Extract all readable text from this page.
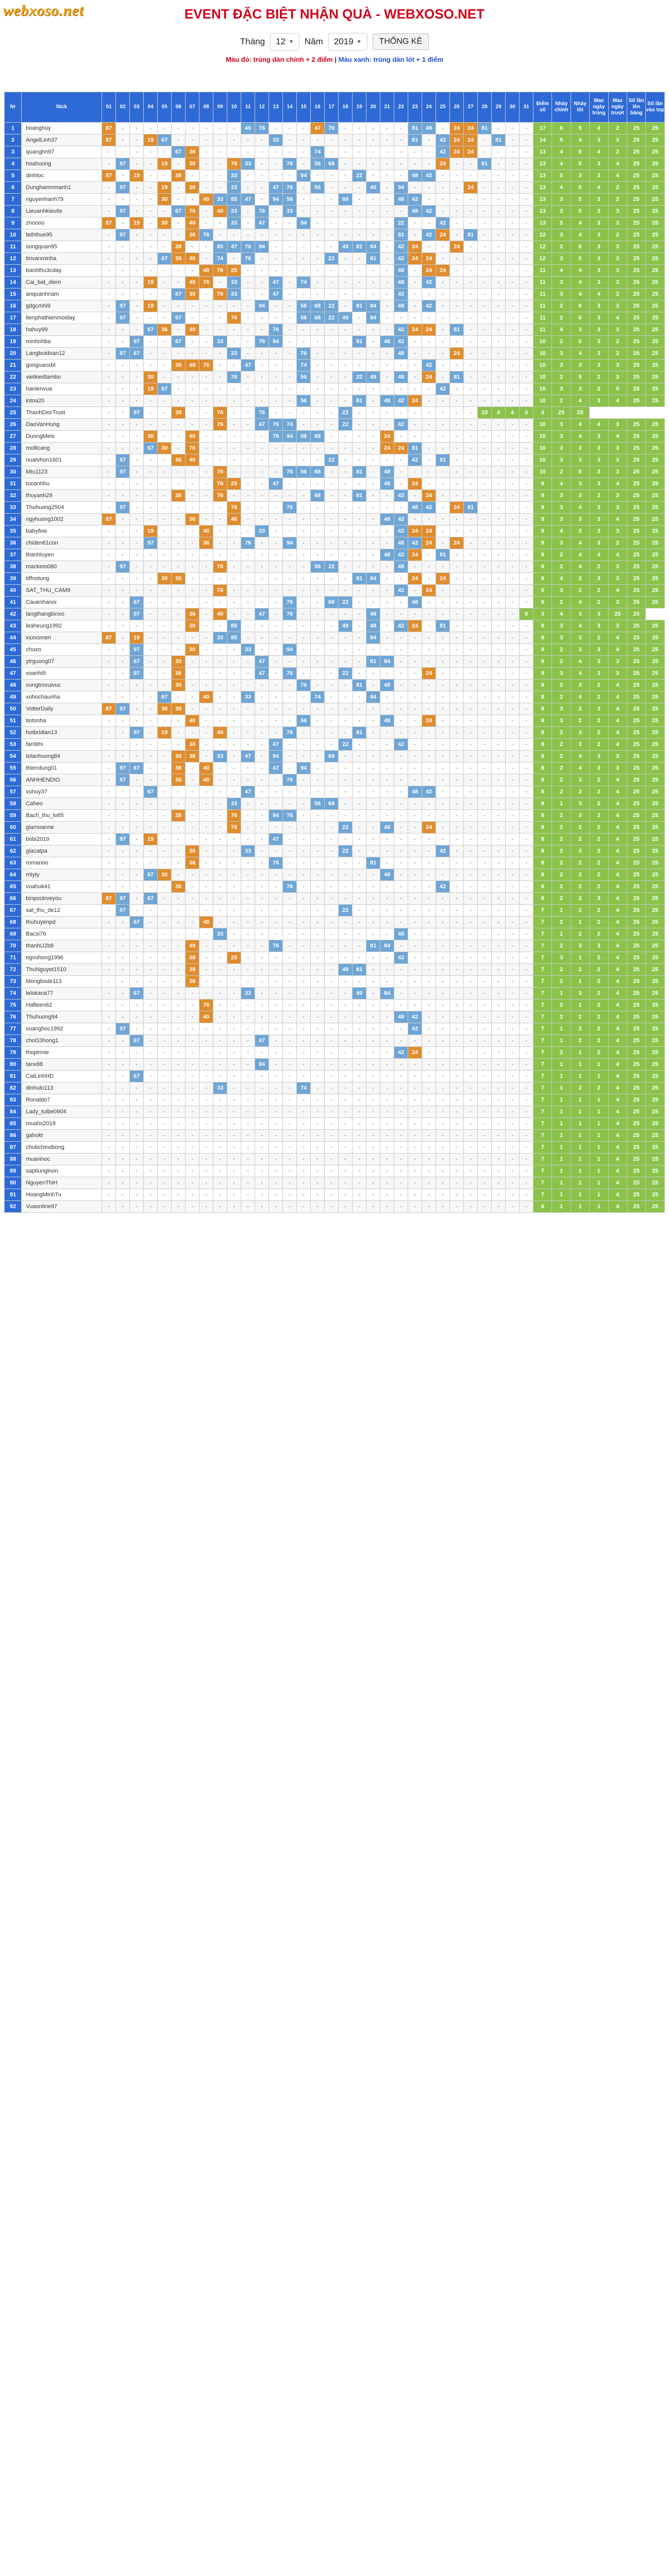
webxoso.net	EVENT ĐẶC BIỆT NHẬN QUÀ - WEBXOSO.NET
Tháng 12 ▼ Năm 2019 ▼	THỐNG KÊ
Màu đỏ: trúng dàn chính + 2 điểm | Màu xanh: trúng dàn lót + 1 điểm
Nr	Nick	01	02	03	04	05	06	07	08	09	10	11	12	13	14	15	16	17	18	19	20	21	22	23	24	25	26	27	28	29	30	31	Điểm số	Nháy chính	Nháy lót	Max ngày trúng	Max ngày trượt	Số lần lên bảng	Số lần vào top
1	hoanghuy	87	-	-	-	-	-	-	-	-	-	40	76	-	-	-	47	76	-	-	-	-	-	81	48	-	24	24	81	-	-	-	17	6	5	4	2	25	25
2	AngelLinh37	87	-	-	19	67	-	-	-	-	-	-	-	33	-	-	-	-	-	-	-	-	-	81	-	42	24	24	-	81	-	-	14	5	4	3	3	25	25
3	quanghn97	-	-	-	-	-	67	36	-	-	-	-	-	-	-	-	74	-	-	-	-	-	-	-	-	42	24	24	-	-	-	-	13	4	5	4	2	25	25
4	hoahuong	-	97	-	-	19	-	30	-	-	76	33	-	-	76	-	56	68	-	-	-	-	-	-	-	24	-	-	81	-	-	-	13	4	5	3	4	25	25
5	dinhloc	87	-	19	-	-	36	-	-	-	33	-	-	-	-	94	-	-	-	22	-	-	-	48	42	-	-	-	-	-	-	-	13	5	3	3	4	25	25
6	Dunghamnmanh1	-	97	-	-	19	-	30	-	-	33	-	-	47	76	-	56	-	-	-	49	-	94	-	-	-	-	24	-	-	-	-	13	4	5	4	2	25	25
7	nguyenhanh79	-	-	-	-	30	-	-	40	33	85	47	-	94	56	-	-	-	68	-	-	-	48	42	-	-	-	-	-	-	-	-	13	3	5	3	2	25	25
8	Lieuanhkieu9x	-	97	-	-	-	67	76	-	40	33	-	76	-	33	-	-	-	-	-	-	-	-	48	42	-	-	-	-	-	-	-	13	3	5	3	3	25	25
9	znoooo	87	-	19	-	30	-	40	-	-	33	-	47	-	-	94	-	-	-	-	-	-	22	-	-	42	-	-	-	-	-	-	13	5	4	3	3	25	25
10	tethihue95	-	97	-	-	-	-	36	76	-	-	-	-	-	-	-	-	-	-	-	-	-	81	-	42	24	-	81	-	-	-	-	12	3	4	3	2	25	25
11	songquan95	-	-	-	-	-	38	-	-	85	47	76	94	-	-	-	-	-	49	81	84	-	42	24	-	-	24	-	-	-	-	-	12	2	6	3	3	25	25
12	tinvanminha	-	-	-	-	67	30	40	-	74	-	76	-	-	-	-	-	22	-	-	81	-	42	24	24	-	-	-	-	-	-	-	12	3	5	3	3	25	25
13	banhthu3cday	-	-	-	-	-	-	-	40	76	25	-	-	-	-	-	-	-	-	-	-	-	48	-	24	24	-	-	-	-	-	-	11	4	4	3	3	25	25
14	Cai_bat_diem	-	-	-	19	-	-	40	76	-	33	-	-	47	-	74	-	-	-	-	-	-	48	-	42	-	-	-	-	-	-	-	11	3	4	3	3	25	25
15	anquanhnam	-	-	-	-	-	67	30	-	76	33	-	-	47	-	-	-	-	-	-	-	-	42	-	-	-	-	-	-	-	-	-	11	3	4	4	2	25	25
16	gdgcmhi9	-	97	-	19	-	-	-	-	-	-	-	94	-	-	56	68	22	-	81	84	-	48	-	42	-	-	-	-	-	-	-	11	2	6	3	3	25	25
17	tienphathienmoiday	-	97	-	-	-	67	-	-	-	76	-	-	-	-	56	68	22	49	-	84	-	-	-	-	-	-	-	-	-	-	-	11	2	6	3	4	25	25
18	hahuy99	-	-	-	67	36	-	40	-	-	-	-	-	76	-	-	-	-	-	-	-	-	42	24	24	-	81	-	-	-	-	-	11	4	3	3	3	25	25
19	minhnhba	-	-	97	-	-	67	-	-	33	-	-	76	94	-	-	-	-	-	81	-	48	42	-	-	-	-	-	-	-	-	-	10	2	5	3	2	25	25
20	Langbuidoan12	-	97	67	-	-	-	-	-	-	33	-	-	-	-	76	-	-	-	-	-	-	48	-	-	-	24	-	-	-	-	-	10	3	4	3	2	25	25
21	gonguanxbt	-	-	-	-	-	36	40	76	-	-	47	-	-	-	74	-	-	-	-	-	-	-	-	42	-	-	-	-	-	-	-	10	3	3	3	3	25	25
22	vietkiedtambo	-	-	-	30	-	-	-	-	-	76	-	-	-	-	56	-	-	-	22	49	-	48	-	24	-	81	-	-	-	-	-	10	2	5	2	3	25	25
23	hanienvua	-	-	-	19	67	-	-	-	-	-	-	-	-	-	-	-	-	-	-	-	-	-	-	-	42	-	-	-	-	-	-	10	3	3	2	5	25	25
24	lotoa20	-	-	-	-	-	-	-	-	-	-	-	-	-	-	56	-	-	-	81	-	48	42	24	-	-	-	-	-	-	-	-	10	2	4	3	4	25	25
25	ThanhDiorTrust	-	-	97	-	-	38	-	-	76	-	-	76	-	-	-	-	-	22	-	-	-	-	-	-	-	-	-	10	4	4	3	3	25	25				
26	DaoVanHung	-	-	-	-	-	-	-	-	76	-	-	47	76	74	-	-	-	22	-	-	-	42	-	-	-	-	-	-	-	-	-	10	3	4	4	3	25	25
27	DuongMeis	-	-	-	30	-	-	40	-	-	-	-	-	76	94	56	68	-	-	-	-	24	-	-	-	-	-	-	-	-	-	-	10	3	4	3	4	25	25
28	mollicang	-	-	-	67	30	-	76	-	-	-	-	-	-	-	-	-	-	-	-	-	24	24	81	-	-	-	-	-	-	-	-	10	3	3	3	3	25	25
29	nuatvhon1601	-	97	-	-	-	36	40	-	-	-	-	-	-	-	-	-	22	-	-	-	-	-	42	-	81	-	-	-	-	-	-	10	3	3	3	3	25	25
30	Mtu1123	-	97	-	-	-	-	-	-	76	-	-	-	-	76	56	68	-	-	81	-	48	-	-	-	-	-	-	-	-	-	-	10	2	5	3	3	25	25
31	tuoanhhu	-	-	-	-	-	-	-	-	76	25	-	-	47	-	-	-	-	-	-	-	48	-	24	-	-	-	-	-	-	-	-	9	4	3	3	4	25	25
32	thuyanh29	-	-	-	-	-	38	-	-	76	-	-	-	-	-	-	68	-	-	81	-	-	42	-	24	-	-	-	-	-	-	-	9	3	3	2	3	25	25
33	Thuhuong2504	-	97	-	-	-	-	-	-	-	76	-	-	-	76	-	-	-	-	-	-	-	-	48	42	-	24	81	-	-	-	-	9	3	4	3	3	25	25
34	ngyhuong1002	87	-	-	-	-	-	30	-	-	40	-	-	-	-	-	-	-	-	-	-	48	42	-	-	-	-	-	-	-	-	-	9	3	3	3	4	25	25
35	babyfow	-	-	-	19	-	-	-	40	-	-	-	33	-	-	-	-	-	-	-	-	-	42	24	24	-	-	-	-	-	-	-	9	4	2	3	3	25	25
36	chiden61con	-	-	-	97	-	-	-	36	-	-	76	-	-	94	-	-	-	-	-	-	-	48	42	24	-	24	-	-	-	-	-	9	3	4	3	2	25	25
37	thanhtuyen	-	-	-	-	-	-	-	-	-	-	-	-	-	-	-	-	-	-	-	-	48	42	24	-	81	-	-	-	-	-	-	9	2	4	4	4	25	25
38	macketo060	-	97	-	-	-	-	-	-	76	-	-	-	-	-	-	56	22	-	-	-	-	48	-	-	-	-	-	-	-	-	-	9	2	4	2	3	25	25
39	tiffnotung	-	-	-	-	30	36	-	-	-	-	-	-	-	-	-	-	-	-	81	84	-	-	24	-	24	-	-	-	-	-	-	9	4	2	3	3	25	25
40	SAT_THU_CAM9	-	-	-	-	-	-	-	-	76	-	-	-	-	-	-	-	-	-	-	-	-	42	-	24	-	-	-	-	-	-	-	9	3	2	2	4	25	25
41	Cauenhanoi	-	-	67	-	-	-	-	-	-	-	-	-	-	76	-	-	68	22	-	-	-	-	48	-	-	-	-	-	-	-	-	9	2	4	2	3	25	25
42	langthangbinxo	-	-	97	-	-	-	36	-	40	-	-	47	-	76	-	-	-	-	-	48	-	-	-	-	-	-	-	-	-	-	9	3	4	3	3	25	25	
43	leaheung1992	-	-	-	-	-	-	30	-	-	85	-	-	-	-	-	-	-	49	-	48	-	42	24	-	81	-	-	-	-	-	-	9	3	4	3	3	25	25
44	xxxxsmen	87	-	19	-	-	-	-	-	33	85	-	-	-	-	-	-	-	-	-	84	-	-	-	-	-	-	-	-	-	-	-	9	3	3	2	4	25	25
45	chuxo	-	-	97	-	-	-	30	-	-	-	33	-	-	94	-	-	-	-	-	-	-	-	-	-	-	-	-	-	-	-	-	9	2	3	3	4	25	25
46	ytrguong07	-	-	67	-	-	30	-	-	-	-	-	47	-	-	-	-	-	-	-	81	84	-	-	-	-	-	-	-	-	-	-	9	2	4	3	3	25	25
47	xoanhi9	-	-	97	-	-	36	-	-	-	-	-	47	-	76	-	-	-	22	-	-	-	-	-	24	-	-	-	-	-	-	-	9	3	4	3	3	25	25
48	vungtrovuivuc	-	-	-	-	-	30	-	-	-	-	-	-	-	-	76	-	-	-	81	-	48	-	-	-	-	-	-	-	-	-	-	8	2	3	2	4	25	25
49	xohochaunha	-	-	-	-	67	-	-	40	-	-	33	-	-	-	-	74	-	-	-	84	-	-	-	-	-	-	-	-	-	-	-	8	2	4	2	4	25	25
50	VotterDaily	87	97	-	-	30	38	-	-	-	-	-	-	-	-	-	-	-	-	-	-	-	-	-	-	-	-	-	-	-	-	-	8	3	2	3	4	25	25
51	tiotonha	-	-	-	-	-	-	40	-	-	-	-	-	-	-	56	-	-	-	-	-	48	-	-	24	-	-	-	-	-	-	-	8	3	2	2	4	25	25
52	hotbridian13	-	-	97	-	19	-	-	-	40	-	-	-	-	76	-	-	-	-	81	-	-	-	-	-	-	-	-	-	-	-	-	8	2	3	2	4	25	25
53	fan9thi	-	-	-	-	-	-	30	-	-	-	-	-	47	-	-	-	-	22	-	-	-	42	-	-	-	-	-	-	-	-	-	8	2	3	2	4	25	25
54	tolanhuong84	-	-	-	-	-	30	38	-	33	-	47	-	94	-	-	-	68	-	-	-	-	-	-	-	-	-	-	-	-	-	-	8	2	4	3	3	25	25
55	thiendung01	-	97	67	-	-	36	-	40	-	-	-	-	47	-	94	-	-	-	-	-	-	-	-	-	-	-	-	-	-	-	-	8	2	4	3	3	25	25
56	ANHHENDIO	-	97	-	-	-	36	-	40	-	-	-	-	-	76	-	-	-	-	-	-	-	-	-	-	-	-	-	-	-	-	-	8	2	3	2	4	25	25
57	vuhuy37	-	-	-	67	-	-	-	-	-	-	47	-	-	-	-	-	-	-	-	-	-	-	48	42	-	-	-	-	-	-	-	8	2	3	2	4	25	25
58	Caheo	-	-	-	-	-	-	-	-	-	33	-	-	-	-	-	56	68	-	-	-	-	-	-	-	-	-	-	-	-	-	-	8	1	3	2	4	25	25
59	Bach_thu_lo85	-	-	-	-	-	38	-	-	-	76	-	-	94	76	-	-	-	-	-	-	-	-	-	-	-	-	-	-	-	-	-	8	2	3	2	4	25	25
60	giamoanne	-	-	-	-	-	-	-	-	-	76	-	-	-	-	-	-	-	22	-	-	48	-	-	24	-	-	-	-	-	-	-	8	2	2	2	4	25	25
61	bobi2019	-	97	-	19	-	-	-	-	-	-	-	-	47	-	-	-	-	-	-	-	-	-	-	-	-	-	-	-	-	-	-	8	2	2	2	4	25	25
62	giacatpa	-	-	-	-	-	-	30	-	-	-	33	-	-	-	-	-	-	22	-	-	-	-	-	-	42	-	-	-	-	-	-	8	2	3	2	4	25	25
63	romanoo	-	-	-	-	-	-	36	-	-	-	-	-	76	-	-	-	-	-	-	81	-	-	-	-	-	-	-	-	-	-	-	8	2	2	2	4	25	25
64	mtyty	-	-	-	67	30	-	-	-	-	-	-	-	-	-	-	-	-	-	-	-	48	-	-	-	-	-	-	-	-	-	-	8	2	2	2	4	25	25
65	vuahuk41	-	-	-	-	-	36	-	-	-	-	-	-	-	76	-	-	-	-	-	-	-	-	-	-	42	-	-	-	-	-	-	8	2	2	2	4	25	25
66	binpoutrveyou	87	97	-	67	-	-	-	-	-	-	-	-	-	-	-	-	-	-	-	-	-	-	-	-	-	-	-	-	-	-	-	8	2	2	3	4	25	25
67	sat_thu_de12	-	97	-	-	-	-	-	-	-	-	-	-	-	-	-	-	-	22	-	-	-	-	-	-	-	-	-	-	-	-	-	7	1	2	2	4	25	25
68	thuhuyenpd	-	-	67	-	-	-	-	40	-	-	-	-	-	-	-	-	-	-	-	-	-	-	-	-	-	-	-	-	-	-	-	7	2	1	2	4	25	25
69	Bacsi76	-	-	-	-	-	-	-	-	33	-	-	-	-	-	-	-	-	-	-	-	-	48	-	-	-	-	-	-	-	-	-	7	1	2	2	4	25	25
70	thanhU2b8	-	-	-	-	-	-	40	-	-	-	-	-	76	-	-	-	-	-	-	81	84	-	-	-	-	-	-	-	-	-	-	7	2	3	3	4	25	25
71	ngvuhong1996	-	-	-	-	-	-	38	-	-	25	-	-	-	-	-	-	-	-	-	-	-	42	-	-	-	-	-	-	-	-	-	7	3	1	2	4	25	25
72	ThuNguyet1510	-	-	-	-	-	-	38	-	-	-	-	-	-	-	-	-	-	49	81	-	-	-	-	-	-	-	-	-	-	-	-	7	2	2	2	4	25	25
73	Mongbode113	-	-	-	-	-	-	36	-	-	-	-	-	-	-	-	-	-	-	-	-	-	-	-	-	-	-	-	-	-	-	-	7	2	1	2	4	25	25
74	lelokana77	-	-	67	-	-	-	-	-	-	-	33	-	-	-	-	-	-	-	49	-	84	-	-	-	-	-	-	-	-	-	-	7	1	3	2	4	25	25
75	Hafteen62	-	-	-	-	-	-	-	76	-	-	-	-	-	-	-	-	-	-	-	-	-	-	-	-	-	-	-	-	-	-	-	7	2	1	2	4	25	25
76	Thuhuong94	-	-	-	-	-	-	-	40	-	-	-	-	-	-	-	-	-	-	-	-	-	48	42	-	-	-	-	-	-	-	-	7	2	2	2	4	25	25
77	vuanghoc1992	-	97	-	-	-	-	-	-	-	-	-	-	-	-	-	-	-	-	-	-	-	-	42	-	-	-	-	-	-	-	-	7	1	2	2	4	25	25
78	chol10hong1	-	-	67	-	-	-	-	-	-	-	-	47	-	-	-	-	-	-	-	-	-	-	-	-	-	-	-	-	-	-	-	7	1	2	2	4	25	25
79	thopinnie	-	-	-	-	-	-	-	-	-	-	-	-	-	-	-	-	-	-	-	-	-	42	24	-	-	-	-	-	-	-	-	7	2	1	2	4	25	25
80	tanx88	-	-	-	-	-	-	-	-	-	-	-	94	-	-	-	-	-	-	-	-	-	-	-	-	-	-	-	-	-	-	-	7	1	1	1	4	25	25
81	CatLinhHD	-	-	67	-	-	-	-	-	-	-	-	-	-	-	-	-	-	-	-	-	-	-	-	-	-	-	-	-	-	-	-	7	1	1	1	4	25	25
82	dinhulo113	-	-	-	-	-	-	-	-	33	-	-	-	-	-	74	-	-	-	-	-	-	-	-	-	-	-	-	-	-	-	-	7	1	2	2	4	25	25
83	Ronaldo7	-	-	-	-	-	-	-	-	-	-	-	-	-	-	-	-	-	-	-	-	-	-	-	-	-	-	-	-	-	-	-	7	1	1	1	4	25	25
84	Lady_tulbe0904	-	-	-	-	-	-	-	-	-	-	-	-	-	-	-	-	-	-	-	-	-	-	-	-	-	-	-	-	-	-	-	7	1	1	1	4	25	25
85	muahs2019	-	-	-	-	-	-	-	-	-	-	-	-	-	-	-	-	-	-	-	-	-	-	-	-	-	-	-	-	-	-	-	7	1	1	1	4	25	25
86	gahokt	-	-	-	-	-	-	-	-	-	-	-	-	-	-	-	-	-	-	-	-	-	-	-	-	-	-	-	-	-	-	-	7	1	1	1	4	25	25
87	chubchinobong	-	-	-	-	-	-	-	-	-	-	-	-	-	-	-	-	-	-	-	-	-	-	-	-	-	-	-	-	-	-	-	7	1	1	1	4	25	25
88	muavinoc	-	-	-	-	-	-	-	-	-	-	-	-	-	-	-	-	-	-	-	-	-	-	-	-	-	-	-	-	-	-	-	7	1	1	1	4	25	25
89	saptiunglnon	-	-	-	-	-	-	-	-	-	-	-	-	-	-	-	-	-	-	-	-	-	-	-	-	-	-	-	-	-	-	-	7	1	1	1	4	25	25
90	NguyenThiH	-	-	-	-	-	-	-	-	-	-	-	-	-	-	-	-	-	-	-	-	-	-	-	-	-	-	-	-	-	-	-	7	1	1	1	4	25	25
91	HoangMinhTu	-	-	-	-	-	-	-	-	-	-	-	-	-	-	-	-	-	-	-	-	-	-	-	-	-	-	-	-	-	-	-	7	1	1	1	4	25	25
92	Vuaonline97	-	-	-	-	-	-	-	-	-	-	-	-	-	-	-	-	-	-	-	-	-	-	-	-	-	-	-	-	-	-	-	6	1	1	1	4	25	25
